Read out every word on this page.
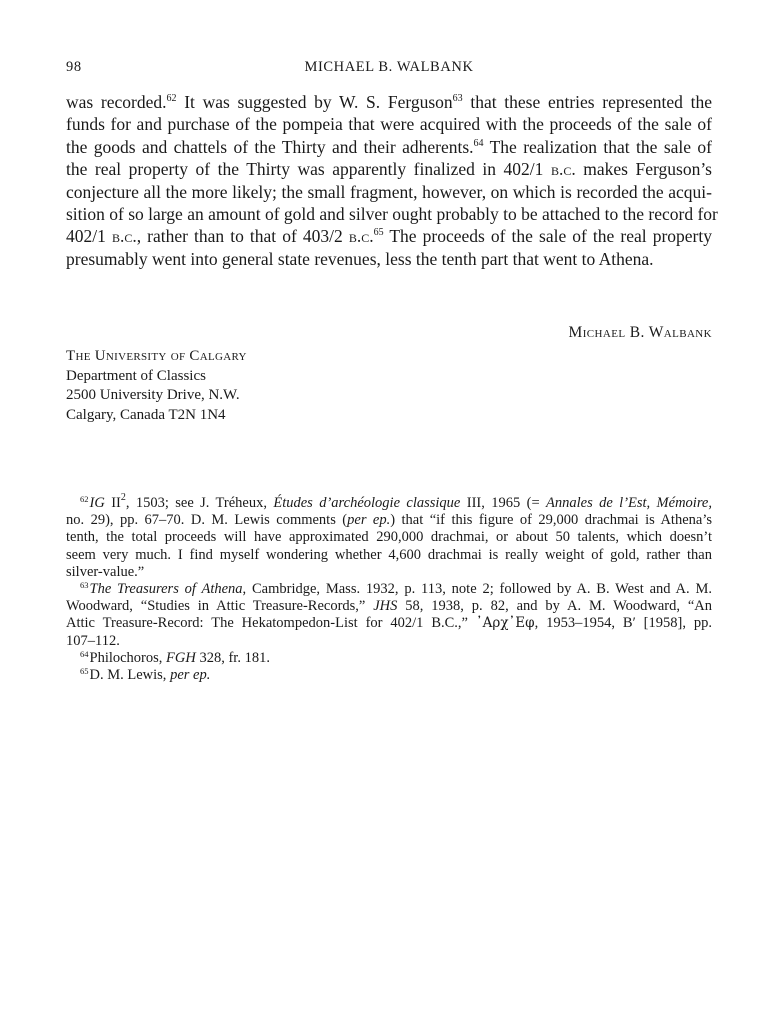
98	MICHAEL B. WALBANK
was recorded.$^{62}$ It was suggested by W. S. Ferguson$^{63}$ that these entries represented the
funds for and purchase of the pompeia that were acquired with the proceeds of the sale of
the goods and chattels of the Thirty and their adherents.$^{64}$ The realization that the sale of
the real property of the Thirty was apparently finalized in 402/1 b.c. makes Ferguson’s
conjecture all the more likely; the small fragment, however, on which is recorded the acqui-
sition of so large an amount of gold and silver ought probably to be attached to the record for
402/1 b.c., rather than to that of 403/2 b.c.$^{65}$ The proceeds of the sale of the real property
presumably went into general state revenues, less the tenth part that went to Athena.
Michael B. Walbank
The University of Calgary
Department of Classics
2500 University Drive, N.W.
Calgary, Canada T2N 1N4
$^{62}$IG $II^2$, 1503; see J. Tréheux, Études d’archéologie classique III, 1965 (= Annales de l’Est, Mémoire,
no. 29), pp. 67–70. D. M. Lewis comments (per ep.) that “if this figure of 29,000 drachmai is Athena’s
tenth, the total proceeds will have approximated 290,000 drachmai, or about 50 talents, which doesn’t
seem very much. I find myself wondering whether 4,600 drachmai is really weight of gold, rather than
silver-value.”
$^{63}$The Treasurers of Athena, Cambridge, Mass. 1932, p. 113, note 2; followed by A. B. West and A. M.
Woodward, “Studies in Attic Treasure-Records,” JHS 58, 1938, p. 82, and by A. M. Woodward, “An
Attic Treasure-Record: The Hekatompedon-List for 402/1 B.C.,” ᾽Αρχ᾽Εφ, 1953–1954, B′ [1958], pp.
107–112.
$^{64}$Philochoros, FGH 328, fr. 181.
$^{65}$D. M. Lewis, per ep.
